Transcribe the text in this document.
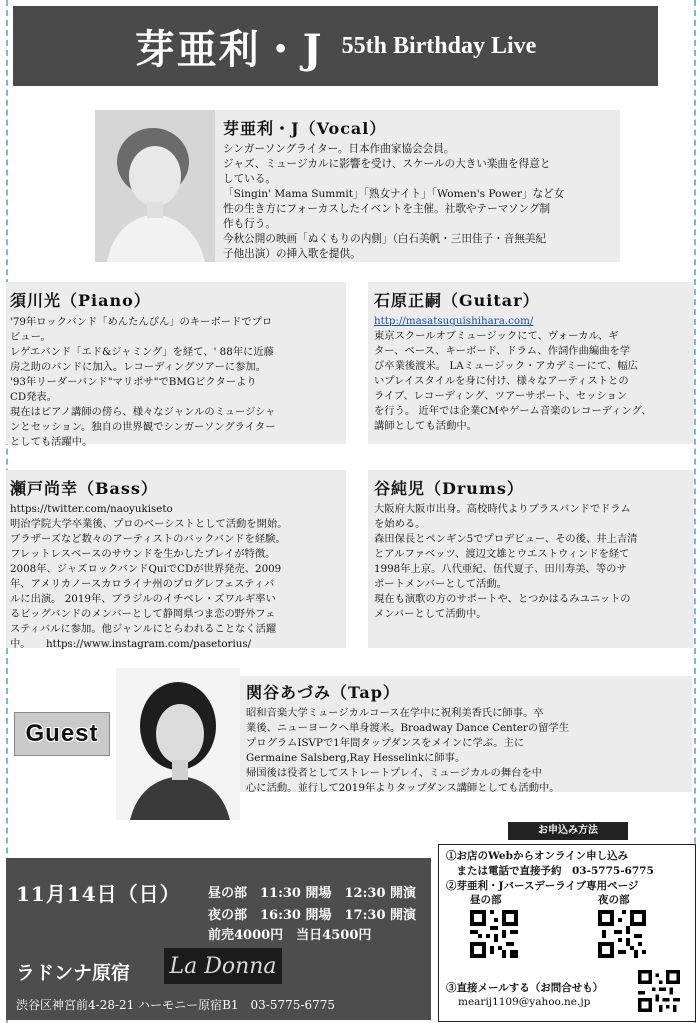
芽亜利・J 55th Birthday Live
芽亜利・J（Vocal）
シンガーソングライター。日本作曲家協会会員。
ジャズ、ミュージカルに影響を受け、スケールの大きい楽曲を得意と
している。
「Singin' Mama Summit」「熟女ナイト」「Women's Power」など女
性の生き方にフォーカスしたイベントを主催。社歌やテーマソング制
作も行う。
今秋公開の映画「ぬくもりの内側」（白石美帆・三田佳子・音無美紀
子他出演）の挿入歌を提供。
須川光（Piano）
'79年ロックバンド「めんたんぴん」のキーボードでプロ
ビュー。
レゲエバンド「エド&ジャミング」を経て、' 88年に近藤
房之助のバンドに加入。レコーディングツアーに参加。
'93年リーダーバンド"マリポサ"でBMGビクターより
CD発表。
現在はピアノ講師の傍ら、様々なジャンルのミュージシャ
ンとセッション。独自の世界観でシンガーソングライター
としても活躍中。
石原正嗣（Guitar）
http://masatsuguishihara.com/
東京スクールオブミュージックにて、ヴォーカル、ギ
ター、ベース、キーボード、ドラム、作詞作曲編曲を学
び卒業後渡米。 LAミュージック・アカデミーにて、幅広
いプレイスタイルを身に付け、様々なアーティストとの
ライブ、レコーディング、ツアーサポート、セッション
を行う。 近年では企業CMやゲーム音楽のレコーディング、
講師としても活動中。
瀬戸尚幸（Bass）
https://twitter.com/naoyukiseto
明治学院大学卒業後、プロのベーシストとして活動を開始。
ブラザーズなど数々のアーティストのバックバンドを経験。
フレットレスベースのサウンドを生かしたプレイが特徴。
2008年、ジャズロックバンドQuiでCDが世界発売、2009
年、アメリカノースカロライナ州のプログレフェスティバ
ルに出演。 2019年、ブラジルのイチベレ・ズワルギ率い
るビッグバンドのメンバーとして静岡県つま恋の野外フェ
スティバルに参加。他ジャンルにとらわれることなく活躍
中。　　 https://www.instagram.com/pasetorius/
谷純児（Drums）
大阪府大阪市出身。高校時代よりブラスバンドでドラム
を始める。
森田保長とペンギン5でプロデビュー、その後、井上吉清
とアルファベッツ、渡辺文雄とウエストウィンドを経て
1998年上京。八代亜紀、伍代夏子、田川寿美、等のサ
ポートメンバーとして活動。
現在も演歌の方のサポートや、とつかはるみユニットの
メンバーとして活動中。
Guest
関谷あづみ（Tap）
昭和音楽大学ミュージカルコース在学中に祝利美香氏に師事。卒
業後、ニューヨークへ単身渡米。Broadway Dance Centerの留学生
プログラムISVPで1年間タップダンスをメインに学ぶ。主に
Germaine Salsberg,Ray Hesselinkに師事。
帰国後は役者としてストレートプレイ、ミュージカルの舞台を中
心に活動。並行して2019年よりタップダンス講師としても活動中。
11月14日（日） 昼の部　11:30 開場　12:30 開演
夜の部　16:30 開場　17:30 開演
前売4000円　当日4500円
ラドンナ原宿 La Donna
渋谷区神宮前4-28-21 ハーモニー原宿B1　03-5775-6775
お申込み方法
①お店のWebからオンライン申し込み
　または電話で直接予約　03-5775-6775
②芽亜利・Jバースデーライブ専用ページ
昼の部	夜の部
③直接メールする（お問合せも）
mearij1109@yahoo.ne.jp
